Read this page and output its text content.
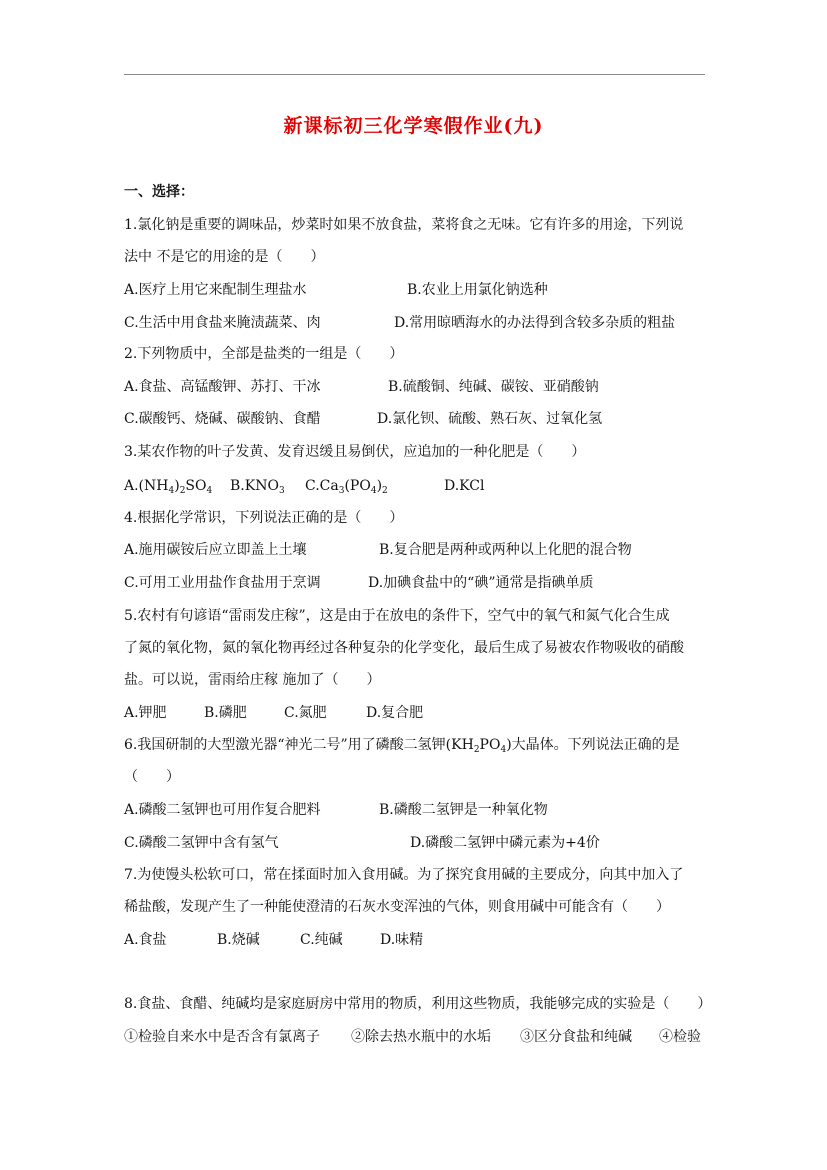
新课标初三化学寒假作业(九)
一、选择：
1.氯化钠是重要的调味品，炒菜时如果不放食盐，菜将食之无味。它有许多的用途，下列说
法中 不是它的用途的是（　　）
A.医疗上用它来配制生理盐水	B.农业上用氯化钠选种
C.生活中用食盐来腌渍蔬菜、肉	D.常用晾晒海水的办法得到含较多杂质的粗盐
2.下列物质中，全部是盐类的一组是（　　）
A.食盐、高锰酸钾、苏打、干冰	B.硫酸铜、纯碱、碳铵、亚硝酸钠
C.碳酸钙、烧碱、碳酸钠、食醋	D.氯化钡、硫酸、熟石灰、过氧化氢
3.某农作物的叶子发黄、发育迟缓且易倒伏，应追加的一种化肥是（　　）
$A.(NH_4)_2SO_4$ $B.KNO_3$ $C.Ca_3(PO_4)_2$	D.KCl
4.根据化学常识，下列说法正确的是（　　）
A.施用碳铵后应立即盖上土壤	B.复合肥是两种或两种以上化肥的混合物
C.可用工业用盐作食盐用于烹调	D.加碘食盐中的“碘”通常是指碘单质
5.农村有句谚语“雷雨发庄稼”，这是由于在放电的条件下，空气中的氧气和氮气化合生成
了氮的氧化物，氮的氧化物再经过各种复杂的化学变化，最后生成了易被农作物吸收的硝酸
盐。可以说，雷雨给庄稼 施加了（　　）
A.钾肥	B.磷肥	C.氮肥	D.复合肥
6.我国研制的大型激光器“神光二号”用了磷酸二氢钾$(KH_2PO_4)$大晶体。下列说法正确的是
（　　）
A.磷酸二氢钾也可用作复合肥料	B.磷酸二氢钾是一种氧化物
C.磷酸二氢钾中含有氢气	D.磷酸二氢钾中磷元素为+4价
7.为使馒头松软可口，常在揉面时加入食用碱。为了探究食用碱的主要成分，向其中加入了
稀盐酸，发现产生了一种能使澄清的石灰水变浑浊的气体，则食用碱中可能含有（　　）
A.食盐	B.烧碱	C.纯碱	D.味精
8.食盐、食醋、纯碱均是家庭厨房中常用的物质，利用这些物质，我能够完成的实验是（　　）
①检验自来水中是否含有氯离子 ②除去热水瓶中的水垢 ③区分食盐和纯碱 ④检验
